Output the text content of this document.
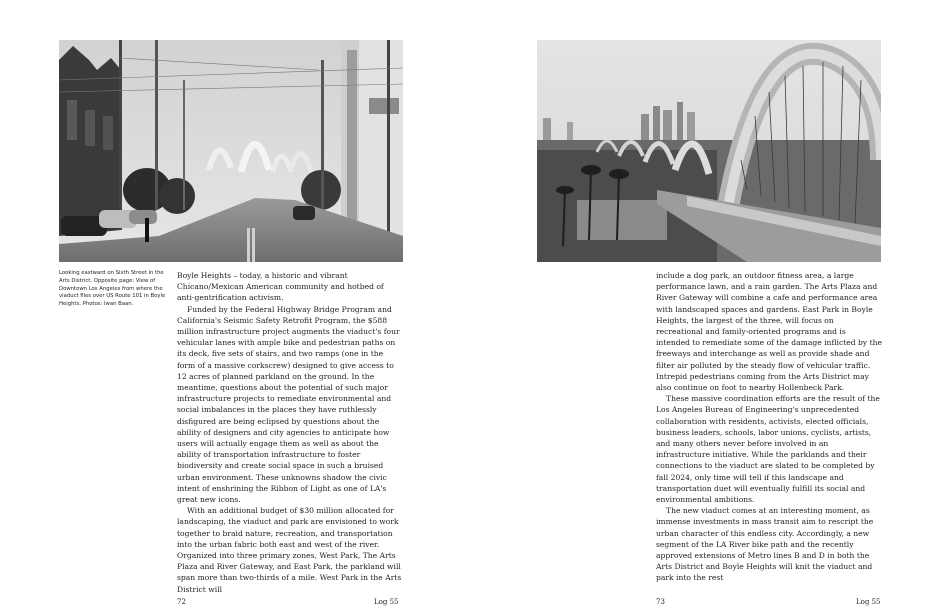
Looking eastward on Sixth Street in the Arts District. Opposite page: View of Downtown Los Angeles from where the viaduct flies over US Route 101 in Boyle Heights. Photos: Iwan Baan.

Boyle Heights – today, a historic and vibrant Chicano/Mexican American community and hotbed of anti-gentrification activism.

Funded by the Federal Highway Bridge Program and California's Seismic Safety Retrofit Program, the $588 million infrastructure project augments the viaduct's four vehicular lanes with ample bike and pedestrian paths on its deck, five sets of stairs, and two ramps (one in the form of a massive corkscrew) designed to give access to 12 acres of planned parkland on the ground. In the meantime, questions about the potential of such major infrastructure projects to remediate environmental and social imbalances in the places they have ruthlessly disfigured are being eclipsed by questions about the ability of designers and city agencies to anticipate how users will actually engage them as well as about the ability of transportation infrastructure to foster biodiversity and create social space in such a bruised urban environment. These unknowns shadow the civic intent of enshrining the Ribbon of Light as one of LA's great new icons.

With an additional budget of $30 million allocated for landscaping, the viaduct and park are envisioned to work together to braid nature, recreation, and transportation into the urban fabric both east and west of the river. Organized into three primary zones, West Park, The Arts Plaza and River Gateway, and East Park, the parkland will span more than two-thirds of a mile. West Park in the Arts District will

72	Log 55

include a dog park, an outdoor fitness area, a large performance lawn, and a rain garden. The Arts Plaza and River Gateway will combine a cafe and performance area with landscaped spaces and gardens. East Park in Boyle Heights, the largest of the three, will focus on recreational and family-oriented programs and is intended to remediate some of the damage inflicted by the freeways and interchange as well as provide shade and filter air polluted by the steady flow of vehicular traffic. Intrepid pedestrians coming from the Arts District may also continue on foot to nearby Hollenbeck Park.

These massive coordination efforts are the result of the Los Angeles Bureau of Engineering's unprecedented collaboration with residents, activists, elected officials, business leaders, schools, labor unions, cyclists, artists, and many others never before involved in an infrastructure initiative. While the parklands and their connections to the viaduct are slated to be completed by fall 2024, only time will tell if this landscape and transportation duet will eventually fulfill its social and environmental ambitions.

The new viaduct comes at an interesting moment, as immense investments in mass transit aim to rescript the urban character of this endless city. Accordingly, a new segment of the LA River bike path and the recently approved extensions of Metro lines B and D in both the Arts District and Boyle Heights will knit the viaduct and park into the rest

73	Log 55
